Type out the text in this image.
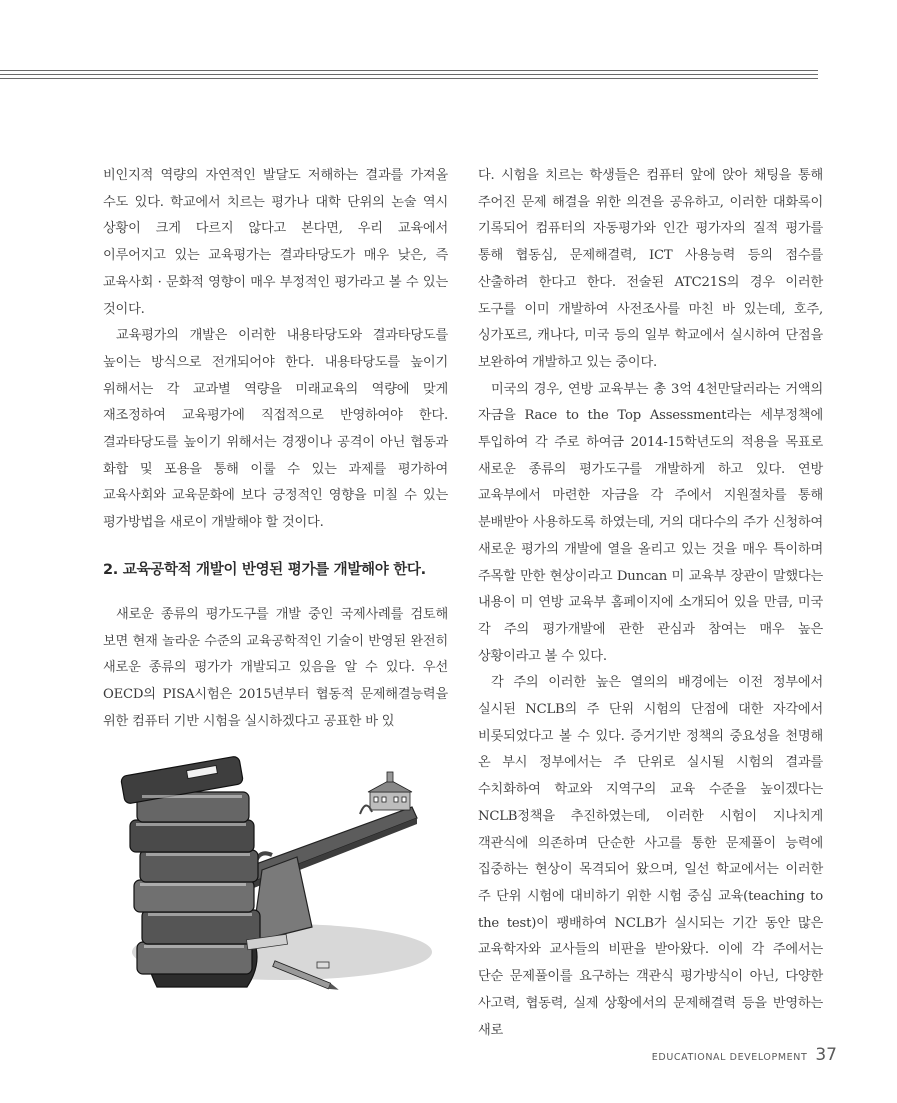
비인지적 역량의 자연적인 발달도 저해하는 결과를 가져올 수도 있다. 학교에서 치르는 평가나 대학 단위의 논술 역시 상황이 크게 다르지 않다고 본다면, 우리 교육에서 이루어지고 있는 교육평가는 결과타당도가 매우 낮은, 즉 교육사회 · 문화적 영향이 매우 부정적인 평가라고 볼 수 있는 것이다.

교육평가의 개발은 이러한 내용타당도와 결과타당도를 높이는 방식으로 전개되어야 한다. 내용타당도를 높이기 위해서는 각 교과별 역량을 미래교육의 역량에 맞게 재조정하여 교육평가에 직접적으로 반영하여야 한다. 결과타당도를 높이기 위해서는 경쟁이나 공격이 아닌 협동과 화합 및 포용을 통해 이룰 수 있는 과제를 평가하여 교육사회와 교육문화에 보다 긍정적인 영향을 미칠 수 있는 평가방법을 새로이 개발해야 할 것이다.

2. 교육공학적 개발이 반영된 평가를 개발해야 한다.

새로운 종류의 평가도구를 개발 중인 국제사례를 검토해 보면 현재 놀라운 수준의 교육공학적인 기술이 반영된 완전히 새로운 종류의 평가가 개발되고 있음을 알 수 있다. 우선 OECD의 PISA시험은 2015년부터 협동적 문제해결능력을 위한 컴퓨터 기반 시험을 실시하겠다고 공표한 바 있

다. 시험을 치르는 학생들은 컴퓨터 앞에 앉아 채팅을 통해 주어진 문제 해결을 위한 의견을 공유하고, 이러한 대화록이 기록되어 컴퓨터의 자동평가와 인간 평가자의 질적 평가를 통해 협동심, 문제해결력, ICT 사용능력 등의 점수를 산출하려 한다고 한다. 전술된 ATC21S의 경우 이러한 도구를 이미 개발하여 사전조사를 마친 바 있는데, 호주, 싱가포르, 캐나다, 미국 등의 일부 학교에서 실시하여 단점을 보완하여 개발하고 있는 중이다.

미국의 경우, 연방 교육부는 총 3억 4천만달러라는 거액의 자금을 Race to the Top Assessment라는 세부정책에 투입하여 각 주로 하여금 2014-15학년도의 적용을 목표로 새로운 종류의 평가도구를 개발하게 하고 있다. 연방 교육부에서 마련한 자금을 각 주에서 지원절차를 통해 분배받아 사용하도록 하였는데, 거의 대다수의 주가 신청하여 새로운 평가의 개발에 열을 올리고 있는 것을 매우 특이하며 주목할 만한 현상이라고 Duncan 미 교육부 장관이 말했다는 내용이 미 연방 교육부 홈페이지에 소개되어 있을 만큼, 미국 각 주의 평가개발에 관한 관심과 참여는 매우 높은 상황이라고 볼 수 있다.

각 주의 이러한 높은 열의의 배경에는 이전 정부에서 실시된 NCLB의 주 단위 시험의 단점에 대한 자각에서 비롯되었다고 볼 수 있다. 증거기반 정책의 중요성을 천명해 온 부시 정부에서는 주 단위로 실시될 시험의 결과를 수치화하여 학교와 지역구의 교육 수준을 높이겠다는 NCLB정책을 추진하였는데, 이러한 시험이 지나치게 객관식에 의존하며 단순한 사고를 통한 문제풀이 능력에 집중하는 현상이 목격되어 왔으며, 일선 학교에서는 이러한 주 단위 시험에 대비하기 위한 시험 중심 교육(teaching to the test)이 팽배하여 NCLB가 실시되는 기간 동안 많은 교육학자와 교사들의 비판을 받아왔다. 이에 각 주에서는 단순 문제풀이를 요구하는 객관식 평가방식이 아닌, 다양한 사고력, 협동력, 실제 상황에서의 문제해결력 등을 반영하는 새로

EDUCATIONAL DEVELOPMENT 37
